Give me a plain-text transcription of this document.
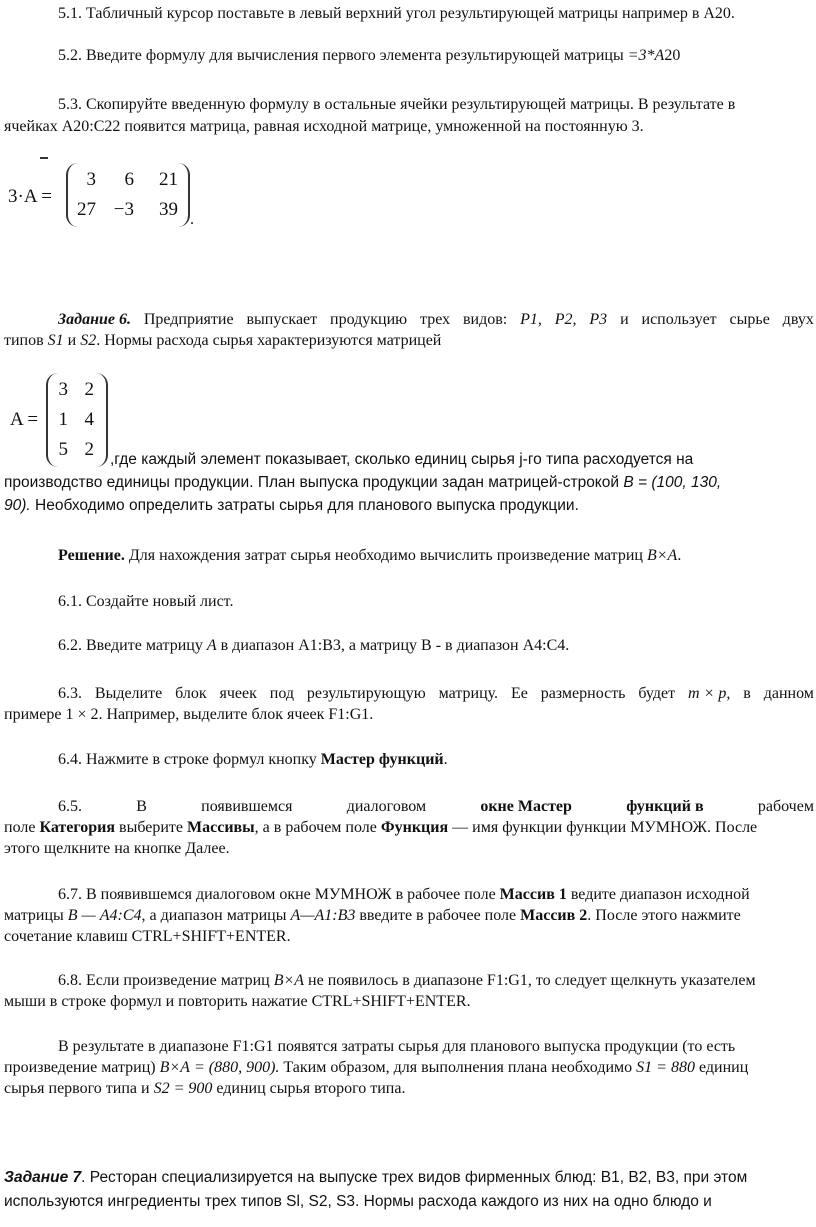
5.1. Табличный курсор поставьте в левый верхний угол результирующей матрицы например в А20.
5.2. Введите формулу для вычисления первого элемента результирующей матрицы =3*А20
5.3. Скопируйте введенную формулу в остальные ячейки результирующей матрицы. В результате в
ячейках А20:С22 появится матрица, равная исходной матрице, умноженной на постоянную 3.
3·A =
3	6	21
27 −3	39 .
Задание 6. Предприятие выпускает продукцию трех видов: Р1, Р2, Р3 и использует сырье двух
типов S1 и S2. Нормы расхода сырья характеризуются матрицей
A =
3 2
1 4
5 2 ,где каждый элемент показывает, сколько единиц сырья j-го типа расходуется на
производство единицы продукции. План выпуска продукции задан матрицей-строкой В = (100, 130,
90). Необходимо определить затраты сырья для планового выпуска продукции.
Решение. Для нахождения затрат сырья необходимо вычислить произведение матриц В×А.
6.1. Создайте новый лист.
6.2. Введите матрицу А в диапазон А1:В3, а матрицу В - в диапазон А4:С4.
6.3. Выделите блок ячеек под результирующую матрицу. Ее размерность будет m × p, в данном
примере 1 × 2. Например, выделите блок ячеек F1:G1.
6.4. Нажмите в строке формул кнопку Мастер функций.
6.5.	В	появившемся	диалоговом	окне Мастер	функций в	рабочем
поле Категория выберите Массивы, а в рабочем поле Функция — имя функции функции МУМНОЖ. После
этого щелкните на кнопке Далее.
6.7. В появившемся диалоговом окне МУМНОЖ в рабочее поле Массив 1 ведите диапазон исходной
матрицы В — А4:С4, а диапазон матрицы А—А1:В3 введите в рабочее поле Массив 2. После этого нажмите
сочетание клавиш CTRL+SHIFT+ENTER.
6.8. Если произведение матриц В×А не появилось в диапазоне F1:G1, то следует щелкнуть указателем
мыши в строке формул и повторить нажатие CTRL+SHIFT+ENTER.
В результате в диапазоне F1:G1 появятся затраты сырья для планового выпуска продукции (то есть
произведение матриц) В×А = (880, 900). Таким образом, для выполнения плана необходимо S1 = 880 единиц
сырья первого типа и S2 = 900 единиц сырья второго типа.
Задание 7. Ресторан специализируется на выпуске трех видов фирменных блюд: В1, В2, В3, при этом
используются ингредиенты трех типов Sl, S2, S3. Нормы расхода каждого из них на одно блюдо и
